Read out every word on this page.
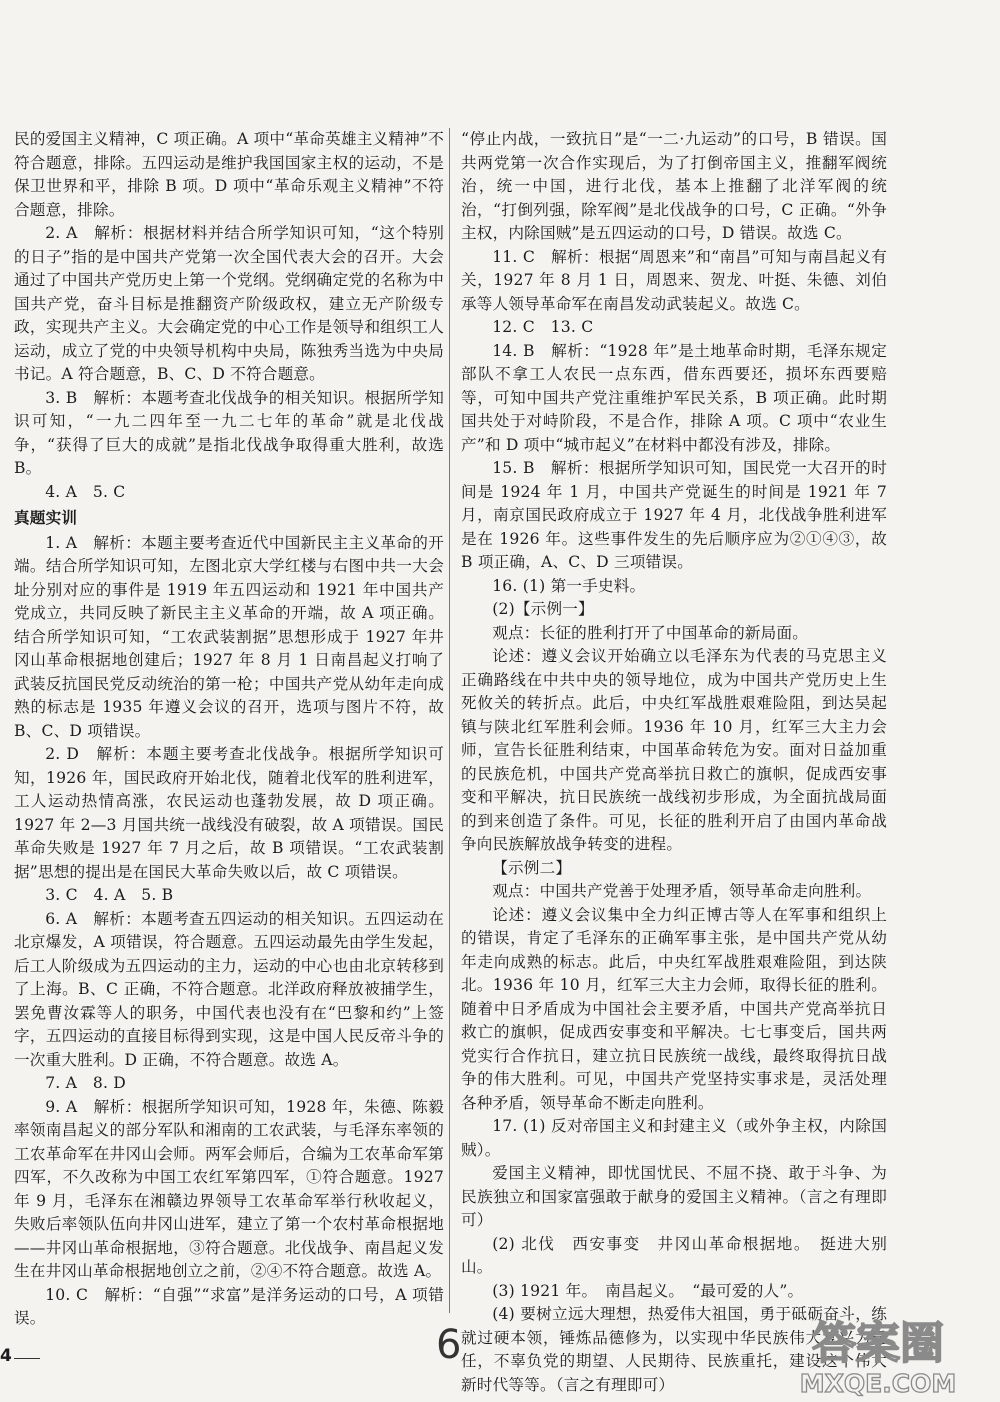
民的爱国主义精神，C 项正确。A 项中“革命英雄主义精神”不符合题意，排除。五四运动是维护我国国家主权的运动，不是保卫世界和平，排除 B 项。D 项中“革命乐观主义精神”不符合题意，排除。

2. A　解析：根据材料并结合所学知识可知，“这个特别的日子”指的是中国共产党第一次全国代表大会的召开。大会通过了中国共产党历史上第一个党纲。党纲确定党的名称为中国共产党，奋斗目标是推翻资产阶级政权，建立无产阶级专政，实现共产主义。大会确定党的中心工作是领导和组织工人运动，成立了党的中央领导机构中央局，陈独秀当选为中央局书记。A 符合题意，B、C、D 不符合题意。

3. B　解析：本题考查北伐战争的相关知识。根据所学知识可知，“一九二四年至一九二七年的革命”就是北伐战争，“获得了巨大的成就”是指北伐战争取得重大胜利，故选 B。

4. A　5. C

真题实训

1. A　解析：本题主要考查近代中国新民主主义革命的开端。结合所学知识可知，左图北京大学红楼与右图中共一大会址分别对应的事件是 1919 年五四运动和 1921 年中国共产党成立，共同反映了新民主主义革命的开端，故 A 项正确。结合所学知识可知，“工农武装割据”思想形成于 1927 年井冈山革命根据地创建后；1927 年 8 月 1 日南昌起义打响了武装反抗国民党反动统治的第一枪；中国共产党从幼年走向成熟的标志是 1935 年遵义会议的召开，选项与图片不符，故 B、C、D 项错误。

2. D　解析：本题主要考查北伐战争。根据所学知识可知，1926 年，国民政府开始北伐，随着北伐军的胜利进军，工人运动热情高涨，农民运动也蓬勃发展，故 D 项正确。1927 年 2—3 月国共统一战线没有破裂，故 A 项错误。国民革命失败是 1927 年 7 月之后，故 B 项错误。“工农武装割据”思想的提出是在国民大革命失败以后，故 C 项错误。

3. C　4. A　5. B

6. A　解析：本题考查五四运动的相关知识。五四运动在北京爆发，A 项错误，符合题意。五四运动最先由学生发起，后工人阶级成为五四运动的主力，运动的中心也由北京转移到了上海。B、C 正确，不符合题意。北洋政府释放被捕学生，罢免曹汝霖等人的职务，中国代表也没有在“巴黎和约”上签字，五四运动的直接目标得到实现，这是中国人民反帝斗争的一次重大胜利。D 正确，不符合题意。故选 A。

7. A　8. D

9. A　解析：根据所学知识可知，1928 年，朱德、陈毅率领南昌起义的部分军队和湘南的工农武装，与毛泽东率领的工农革命军在井冈山会师。两军会师后，合编为工农革命军第四军，不久改称为中国工农红军第四军，①符合题意。1927 年 9 月，毛泽东在湘赣边界领导工农革命军举行秋收起义，失败后率领队伍向井冈山进军，建立了第一个农村革命根据地——井冈山革命根据地，③符合题意。北伐战争、南昌起义发生在井冈山革命根据地创立之前，②④不符合题意。故选 A。

10. C　解析：“自强”“求富”是洋务运动的口号，A 项错误。

“停止内战，一致抗日”是“一二·九运动”的口号，B 错误。国共两党第一次合作实现后，为了打倒帝国主义，推翻军阀统治，统一中国，进行北伐，基本上推翻了北洋军阀的统治，“打倒列强，除军阀”是北伐战争的口号，C 正确。“外争主权，内除国贼”是五四运动的口号，D 错误。故选 C。

11. C　解析：根据“周恩来”和“南昌”可知与南昌起义有关，1927 年 8 月 1 日，周恩来、贺龙、叶挺、朱德、刘伯承等人领导革命军在南昌发动武装起义。故选 C。

12. C　13. C

14. B　解析：“1928 年”是土地革命时期，毛泽东规定部队不拿工人农民一点东西，借东西要还，损坏东西要赔等，可知中国共产党注重维护军民关系，B 项正确。此时期国共处于对峙阶段，不是合作，排除 A 项。C 项中“农业生产”和 D 项中“城市起义”在材料中都没有涉及，排除。

15. B　解析：根据所学知识可知，国民党一大召开的时间是 1924 年 1 月，中国共产党诞生的时间是 1921 年 7 月，南京国民政府成立于 1927 年 4 月，北伐战争胜利进军是在 1926 年。这些事件发生的先后顺序应为②①④③，故 B 项正确，A、C、D 三项错误。

16. (1) 第一手史料。

(2)【示例一】

观点：长征的胜利打开了中国革命的新局面。

论述：遵义会议开始确立以毛泽东为代表的马克思主义正确路线在中共中央的领导地位，成为中国共产党历史上生死攸关的转折点。此后，中央红军战胜艰难险阻，到达吴起镇与陕北红军胜利会师。1936 年 10 月，红军三大主力会师，宣告长征胜利结束，中国革命转危为安。面对日益加重的民族危机，中国共产党高举抗日救亡的旗帜，促成西安事变和平解决，抗日民族统一战线初步形成，为全面抗战局面的到来创造了条件。可见，长征的胜利开启了由国内革命战争向民族解放战争转变的进程。

【示例二】

观点：中国共产党善于处理矛盾，领导革命走向胜利。

论述：遵义会议集中全力纠正博古等人在军事和组织上的错误，肯定了毛泽东的正确军事主张，是中国共产党从幼年走向成熟的标志。此后，中央红军战胜艰难险阻，到达陕北。1936 年 10 月，红军三大主力会师，取得长征的胜利。随着中日矛盾成为中国社会主要矛盾，中国共产党高举抗日救亡的旗帜，促成西安事变和平解决。七七事变后，国共两党实行合作抗日，建立抗日民族统一战线，最终取得抗日战争的伟大胜利。可见，中国共产党坚持实事求是，灵活处理各种矛盾，领导革命不断走向胜利。

17. (1) 反对帝国主义和封建主义（或外争主权，内除国贼）。

爱国主义精神，即忧国忧民、不屈不挠、敢于斗争、为民族独立和国家富强敢于献身的爱国主义精神。（言之有理即可）

(2) 北伐　西安事变　井冈山革命根据地。　挺进大别山。

(3) 1921 年。　南昌起义。　“最可爱的人”。

(4) 要树立远大理想，热爱伟大祖国，勇于砥砺奋斗，练就过硬本领，锤炼品德修为，以实现中华民族伟大复兴为己任，不辜负党的期望、人民期待、民族重托，建设这个伟大新时代等等。（言之有理即可）

4	6	答案圈
MXQE.COM
